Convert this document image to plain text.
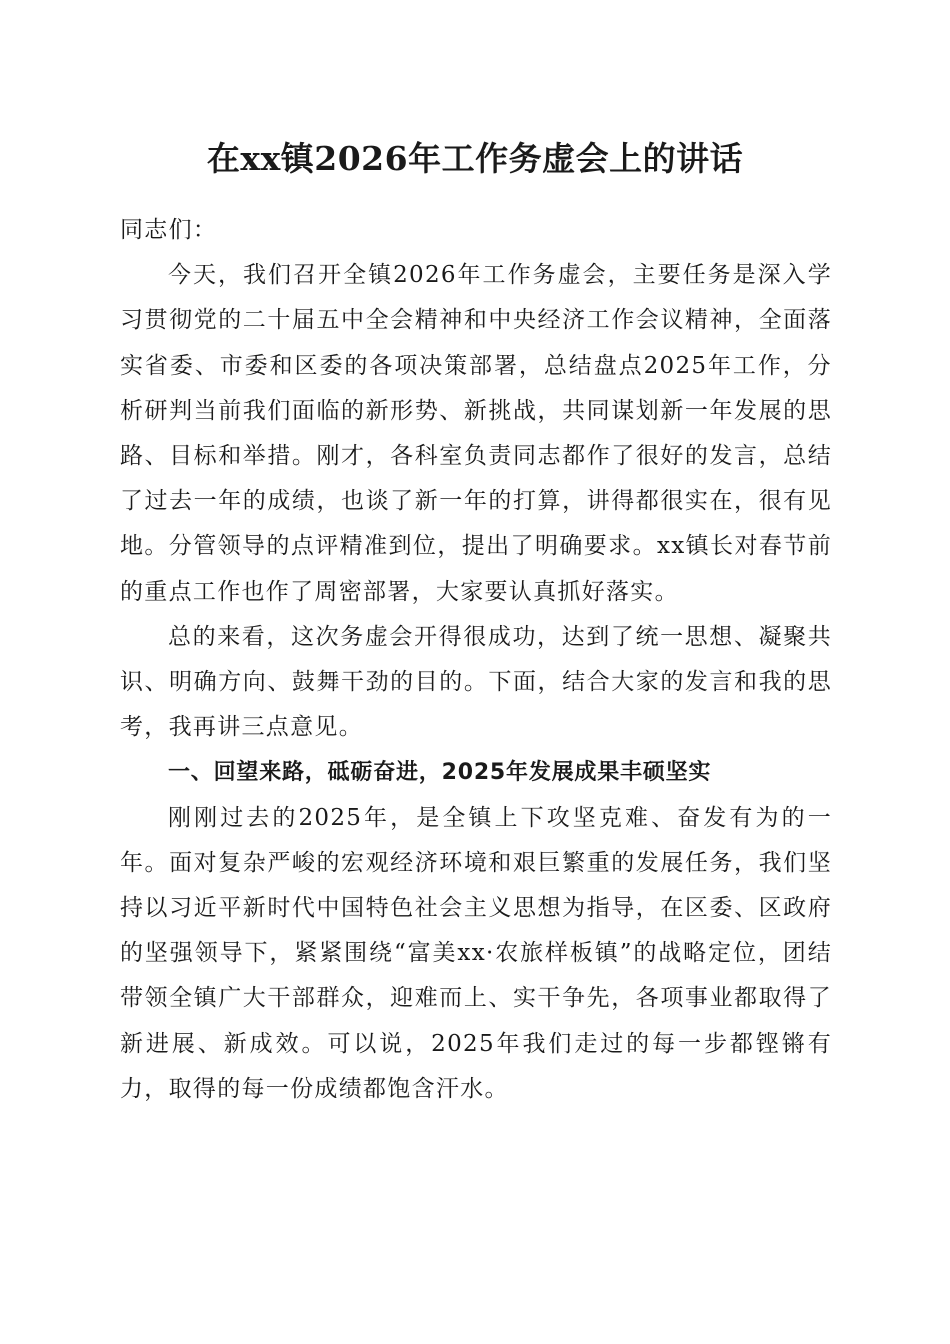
在xx镇2026年工作务虚会上的讲话

同志们：

今天，我们召开全镇2026年工作务虚会，主要任务是深入学习贯彻党的二十届五中全会精神和中央经济工作会议精神，全面落实省委、市委和区委的各项决策部署，总结盘点2025年工作，分析研判当前我们面临的新形势、新挑战，共同谋划新一年发展的思路、目标和举措。刚才，各科室负责同志都作了很好的发言，总结了过去一年的成绩，也谈了新一年的打算，讲得都很实在，很有见地。分管领导的点评精准到位，提出了明确要求。xx镇长对春节前的重点工作也作了周密部署，大家要认真抓好落实。

总的来看，这次务虚会开得很成功，达到了统一思想、凝聚共识、明确方向、鼓舞干劲的目的。下面，结合大家的发言和我的思考，我再讲三点意见。

一、回望来路，砥砺奋进，2025年发展成果丰硕坚实

刚刚过去的2025年，是全镇上下攻坚克难、奋发有为的一年。面对复杂严峻的宏观经济环境和艰巨繁重的发展任务，我们坚持以习近平新时代中国特色社会主义思想为指导，在区委、区政府的坚强领导下，紧紧围绕“富美xx·农旅样板镇”的战略定位，团结带领全镇广大干部群众，迎难而上、实干争先，各项事业都取得了新进展、新成效。可以说，2025年我们走过的每一步都铿锵有力，取得的每一份成绩都饱含汗水。
